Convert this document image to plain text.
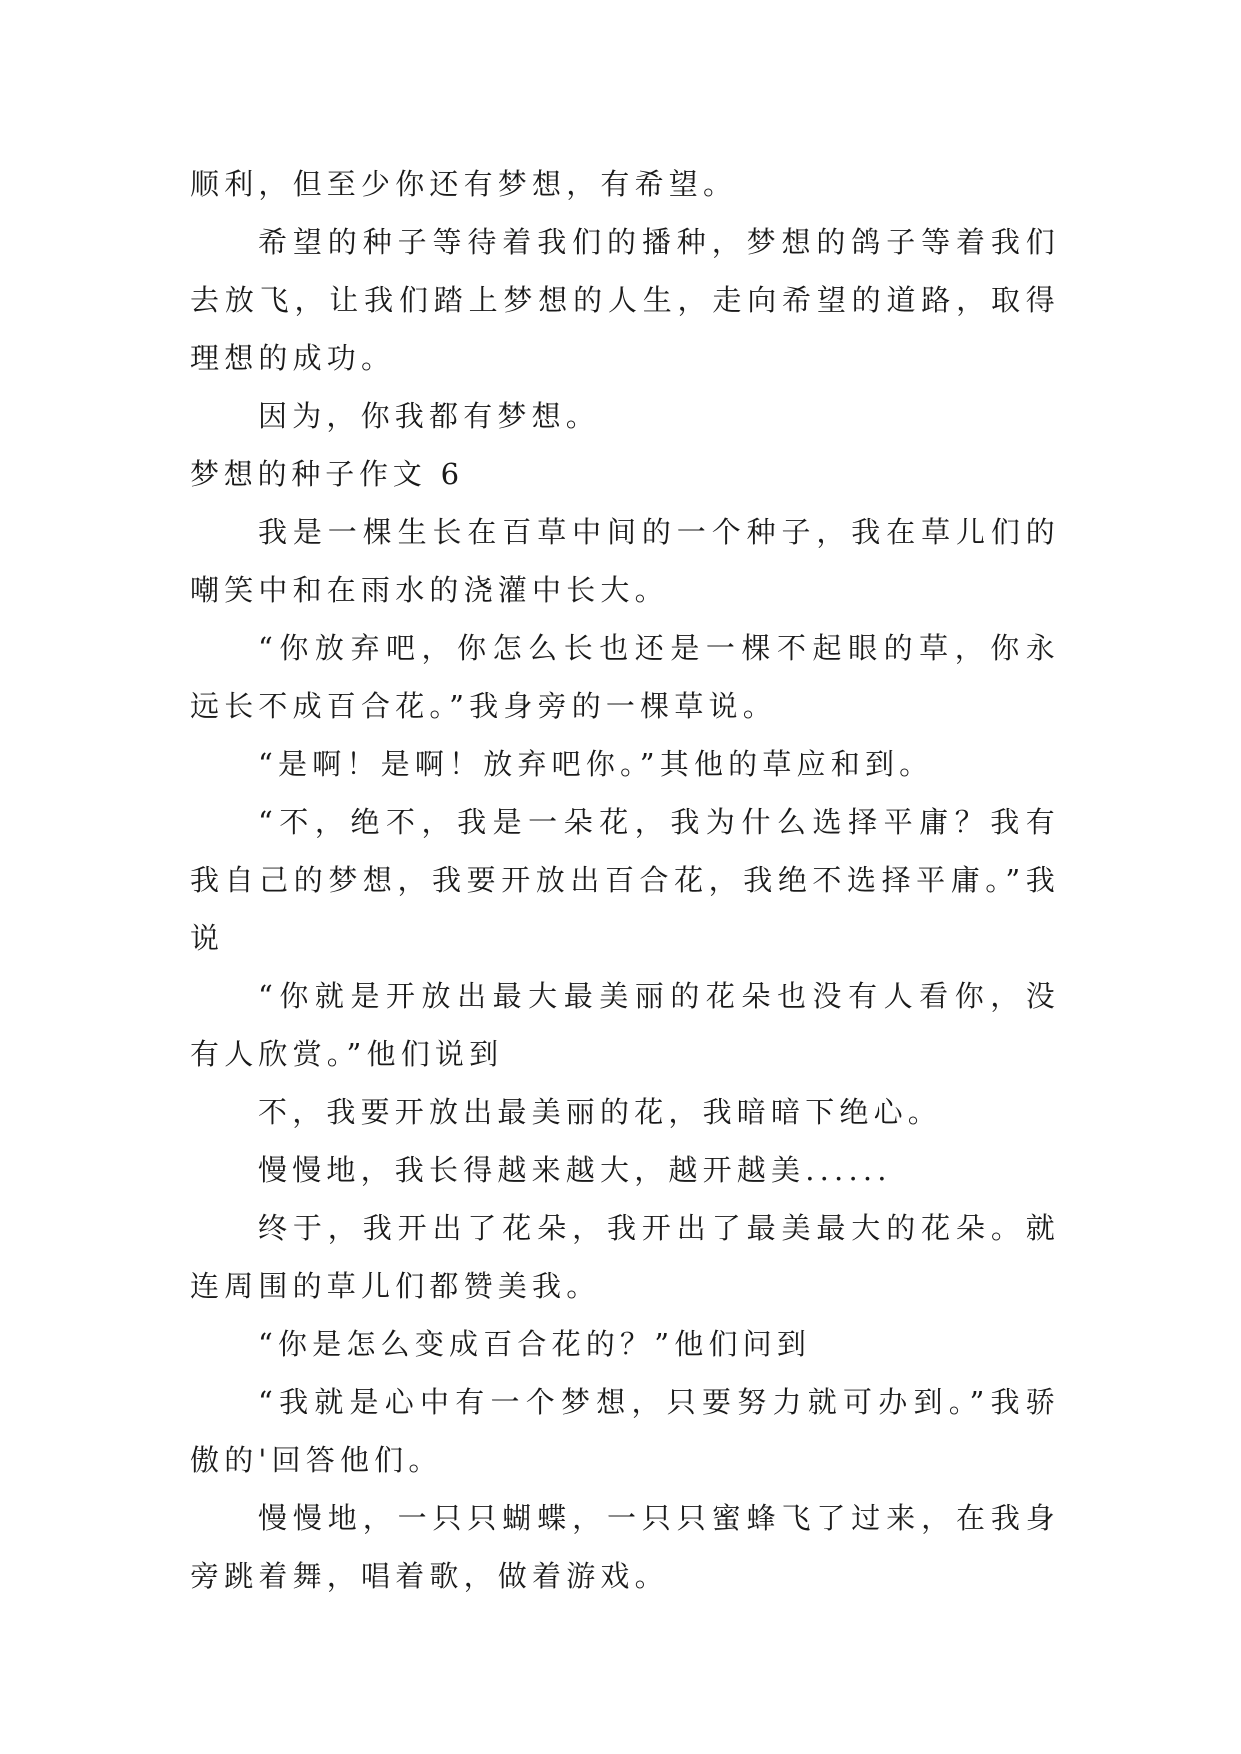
顺利，但至少你还有梦想，有希望。

希望的种子等待着我们的播种，梦想的鸽子等着我们去放飞，让我们踏上梦想的人生，走向希望的道路，取得理想的成功。

因为，你我都有梦想。

梦想的种子作文 6

我是一棵生长在百草中间的一个种子，我在草儿们的嘲笑中和在雨水的浇灌中长大。

“你放弃吧，你怎么长也还是一棵不起眼的草，你永远长不成百合花。”我身旁的一棵草说。

“是啊！是啊！放弃吧你。”其他的草应和到。

“不，绝不，我是一朵花，我为什么选择平庸？我有我自己的梦想，我要开放出百合花，我绝不选择平庸。”我说

“你就是开放出最大最美丽的花朵也没有人看你，没有人欣赏。”他们说到

不，我要开放出最美丽的花，我暗暗下绝心。

慢慢地，我长得越来越大，越开越美......

终于，我开出了花朵，我开出了最美最大的花朵。就连周围的草儿们都赞美我。

“你是怎么变成百合花的？”他们问到

“我就是心中有一个梦想，只要努力就可办到。”我骄傲的'回答他们。

慢慢地，一只只蝴蝶，一只只蜜蜂飞了过来，在我身旁跳着舞，唱着歌，做着游戏。
